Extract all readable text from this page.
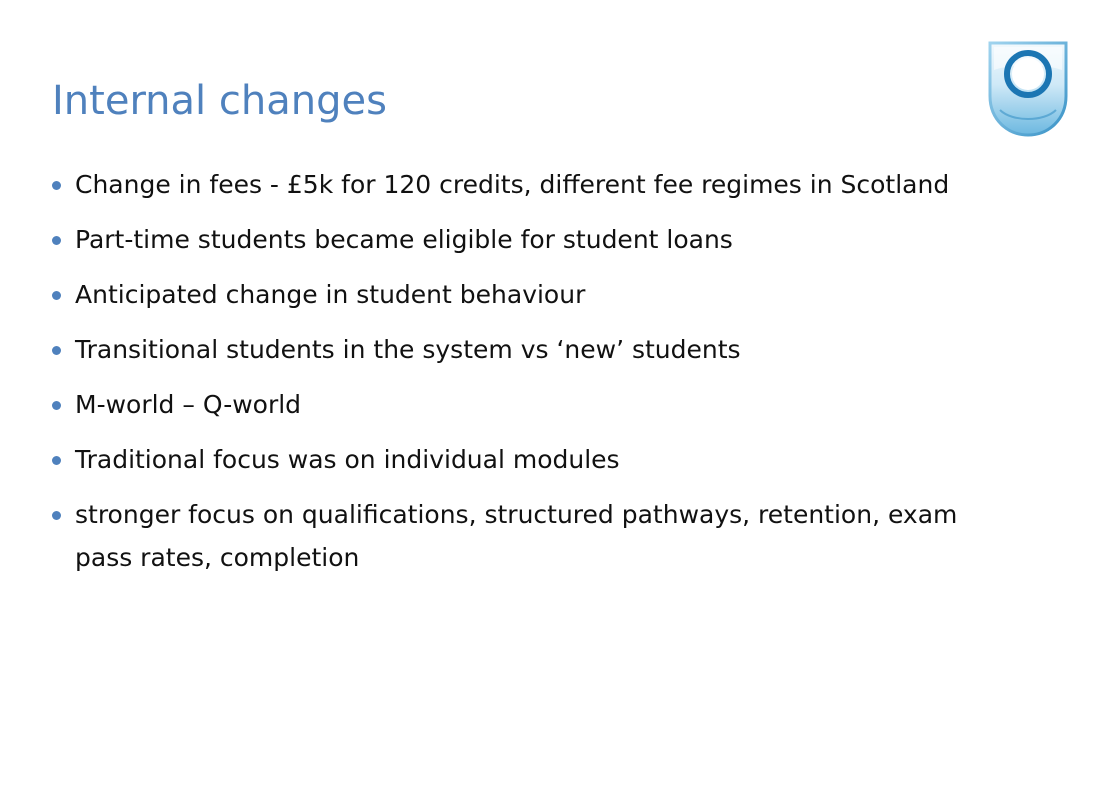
Internal changes
Change in fees - £5k for 120 credits, different fee regimes in Scotland
Part-time students became eligible for student loans
Anticipated change in student behaviour
Transitional students in the system vs ‘new’ students
M-world – Q-world
Traditional focus was on individual modules
stronger focus on qualifications, structured pathways, retention, exam pass rates, completion
